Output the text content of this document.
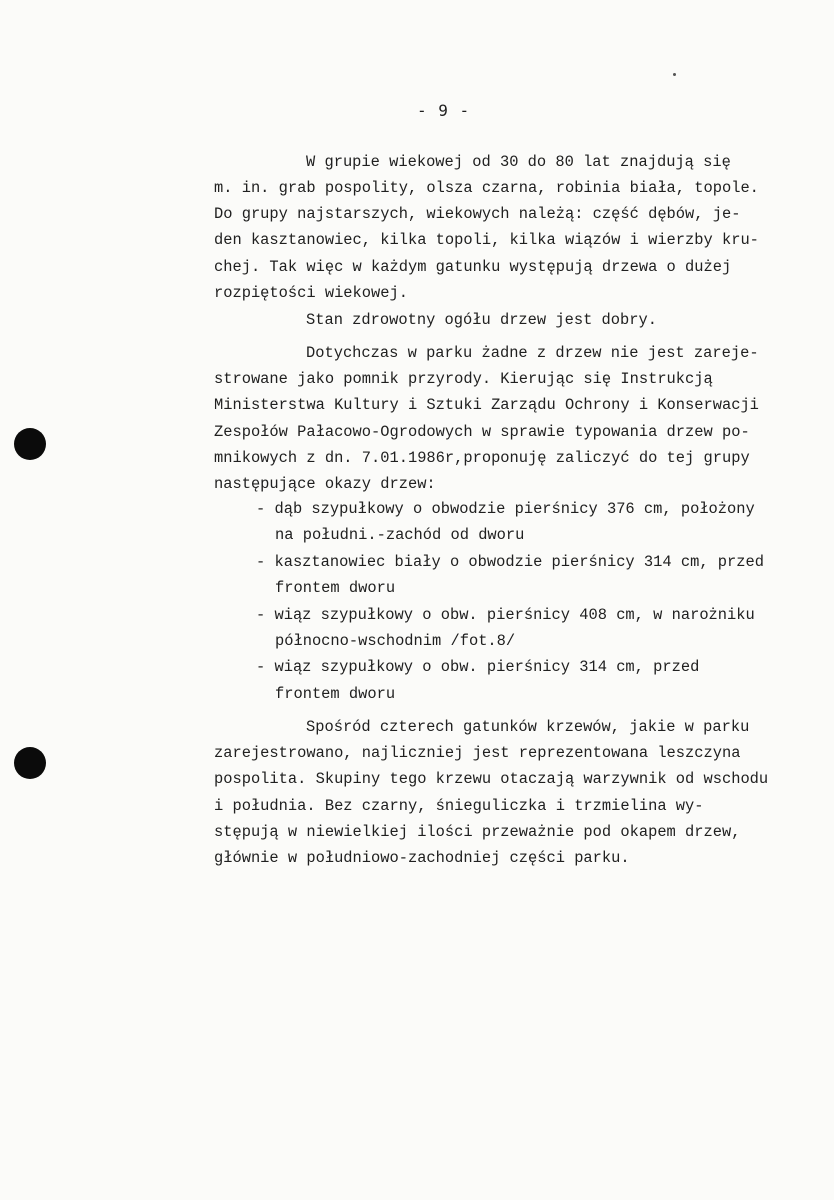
- 9 -
W grupie wiekowej od 30 do 80 lat znajdują się
m. in. grab pospolity, olsza czarna, robinia biała, topole.
Do grupy najstarszych, wiekowych należą: część dębów, je-
den kasztanowiec, kilka topoli, kilka wiązów i wierzby kru-
chej. Tak więc w każdym gatunku występują drzewa o dużej
rozpiętości wiekowej.
Stan zdrowotny ogółu drzew jest dobry.
Dotychczas w parku żadne z drzew nie jest zareje-
strowane jako pomnik przyrody. Kierując się Instrukcją
Ministerstwa Kultury i Sztuki Zarządu Ochrony i Konserwacji
Zespołów Pałacowo-Ogrodowych w sprawie typowania drzew po-
mnikowych z dn. 7.01.1986r,proponuję zaliczyć do tej grupy
następujące okazy drzew:
- dąb szypułkowy o obwodzie pierśnicy 376 cm, położony
na południ.-zachód od dworu
- kasztanowiec biały o obwodzie pierśnicy 314 cm, przed
frontem dworu
- wiąz szypułkowy o obw. pierśnicy 408 cm, w narożniku
północno-wschodnim /fot.8/
- wiąz szypułkowy o obw. pierśnicy 314 cm, przed
frontem dworu
Spośród czterech gatunków krzewów, jakie w parku
zarejestrowano, najliczniej jest reprezentowana leszczyna
pospolita. Skupiny tego krzewu otaczają warzywnik od wschodu
i południa. Bez czarny, śnieguliczka i trzmielina wy-
stępują w niewielkiej ilości przeważnie pod okapem drzew,
głównie w południowo-zachodniej części parku.
